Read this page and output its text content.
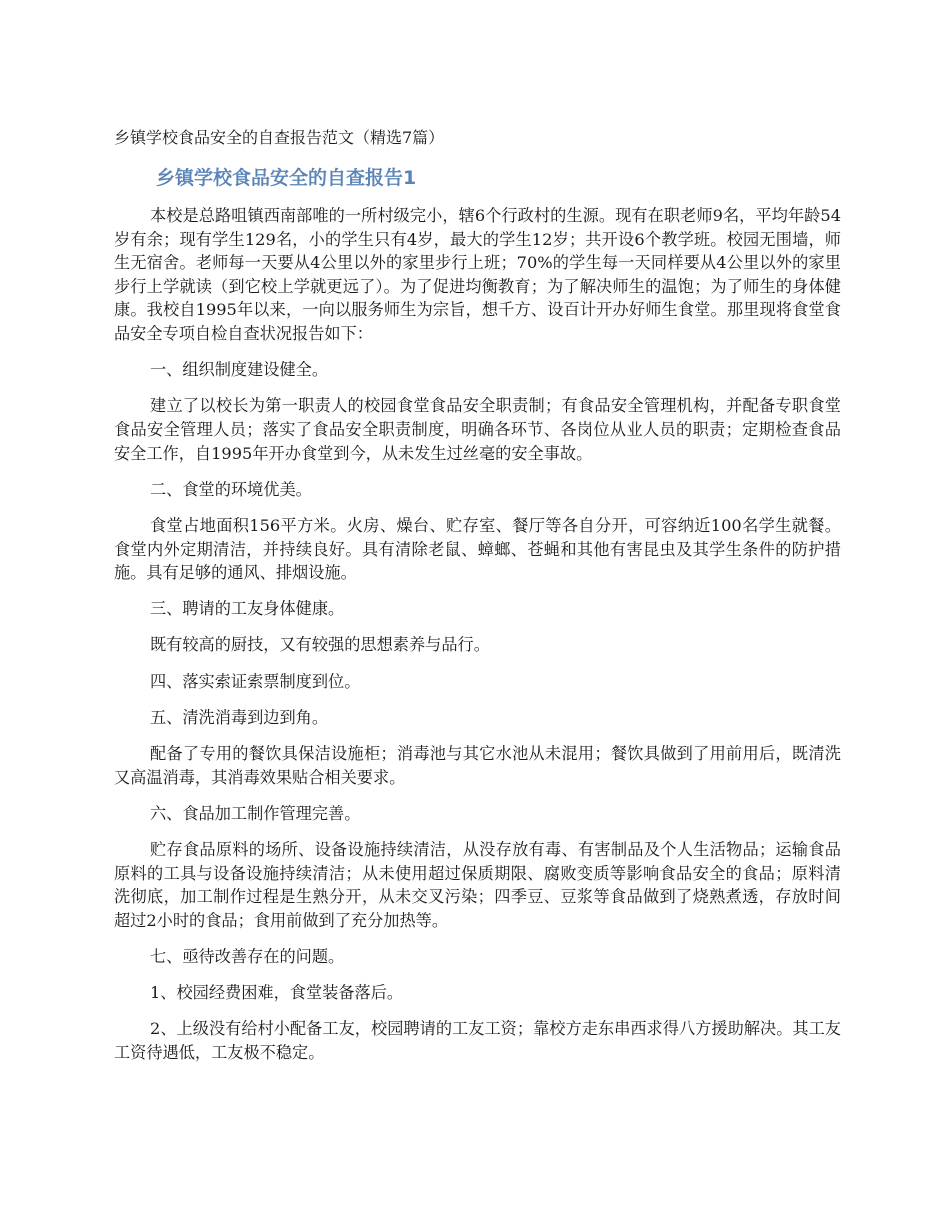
乡镇学校食品安全的自查报告范文（精选7篇）
乡镇学校食品安全的自查报告1

本校是总路咀镇西南部唯的一所村级完小，辖6个行政村的生源。现有在职老师9名，平均年龄54岁有余；现有学生129名，小的学生只有4岁，最大的学生12岁；共开设6个教学班。校园无围墙，师生无宿舍。老师每一天要从4公里以外的家里步行上班；70%的学生每一天同样要从4公里以外的家里步行上学就读（到它校上学就更远了）。为了促进均衡教育；为了解决师生的温饱；为了师生的身体健康。我校自1995年以来，一向以服务师生为宗旨，想千方、设百计开办好师生食堂。那里现将食堂食品安全专项自检自查状况报告如下：

一、组织制度建设健全。

建立了以校长为第一职责人的校园食堂食品安全职责制；有食品安全管理机构，并配备专职食堂食品安全管理人员；落实了食品安全职责制度，明确各环节、各岗位从业人员的职责；定期检查食品安全工作，自1995年开办食堂到今，从未发生过丝毫的安全事故。

二、食堂的环境优美。

食堂占地面积156平方米。火房、燥台、贮存室、餐厅等各自分开，可容纳近100名学生就餐。食堂内外定期清洁，并持续良好。具有清除老鼠、蟑螂、苍蝇和其他有害昆虫及其学生条件的防护措施。具有足够的通风、排烟设施。

三、聘请的工友身体健康。

既有较高的厨技，又有较强的思想素养与品行。

四、落实索证索票制度到位。

五、清洗消毒到边到角。

配备了专用的餐饮具保洁设施柜；消毒池与其它水池从未混用；餐饮具做到了用前用后，既清洗又高温消毒，其消毒效果贴合相关要求。

六、食品加工制作管理完善。

贮存食品原料的场所、设备设施持续清洁，从没存放有毒、有害制品及个人生活物品；运输食品原料的工具与设备设施持续清洁；从未使用超过保质期限、腐败变质等影响食品安全的食品；原料清洗彻底，加工制作过程是生熟分开，从未交叉污染；四季豆、豆浆等食品做到了烧熟煮透，存放时间超过2小时的食品；食用前做到了充分加热等。

七、亟待改善存在的问题。

1、校园经费困难，食堂装备落后。

2、上级没有给村小配备工友，校园聘请的工友工资；靠校方走东串西求得八方援助解决。其工友工资待遇低，工友极不稳定。
